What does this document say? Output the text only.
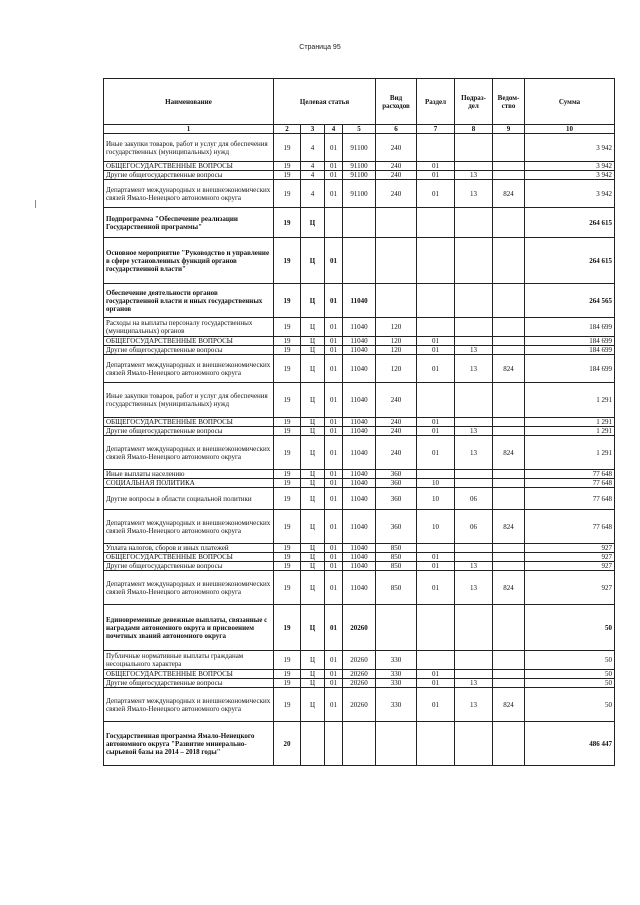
Страница 95
Наименование	Целевая статья				Вид расходов	Раздел	Подраз-дел	Ведом-ство	Сумма
1	2	3	4	5	6	7	8	9	10
Иные закупки товаров, работ и услуг для обеспечения государственных (муниципальных) нужд	19	4	01	91100	240				3 942
ОБЩЕГОСУДАРСТВЕННЫЕ ВОПРОСЫ	19	4	01	91100	240	01			3 942
Другие общегосударственные вопросы	19	4	01	91100	240	01	13		3 942
Департамент международных и внешнеэкономических связей Ямало-Ненецкого автономного округа	19	4	01	91100	240	01	13	824	3 942
Подпрограмма "Обеспечение реализации Государственной программы"	19	Ц							264 615
Основное мероприятие "Руководство и управление в сфере установленных функций органов государственной власти"	19	Ц	01						264 615
Обеспечение деятельности органов государственной власти и иных государственных органов	19	Ц	01	11040					264 565
Расходы на выплаты персоналу государственных (муниципальных) органов	19	Ц	01	11040	120				184 699
ОБЩЕГОСУДАРСТВЕННЫЕ ВОПРОСЫ	19	Ц	01	11040	120	01			184 699
Другие общегосударственные вопросы	19	Ц	01	11040	120	01	13		184 699
Департамент международных и внешнеэкономических связей Ямало-Ненецкого автономного округа	19	Ц	01	11040	120	01	13	824	184 699
Иные закупки товаров, работ и услуг для обеспечения государственных (муниципальных) нужд	19	Ц	01	11040	240				1 291
ОБЩЕГОСУДАРСТВЕННЫЕ ВОПРОСЫ	19	Ц	01	11040	240	01			1 291
Другие общегосударственные вопросы	19	Ц	01	11040	240	01	13		1 291
Департамент международных и внешнеэкономических связей Ямало-Ненецкого автономного округа	19	Ц	01	11040	240	01	13	824	1 291
Иные выплаты населению	19	Ц	01	11040	360				77 648
СОЦИАЛЬНАЯ ПОЛИТИКА	19	Ц	01	11040	360	10			77 648
Другие вопросы в области социальной политики	19	Ц	01	11040	360	10	06		77 648
Департамент международных и внешнеэкономических связей Ямало-Ненецкого автономного округа	19	Ц	01	11040	360	10	06	824	77 648
Уплата налогов, сборов и иных платежей	19	Ц	01	11040	850				927
ОБЩЕГОСУДАРСТВЕННЫЕ ВОПРОСЫ	19	Ц	01	11040	850	01			927
Другие общегосударственные вопросы	19	Ц	01	11040	850	01	13		927
Департамент международных и внешнеэкономических связей Ямало-Ненецкого автономного округа	19	Ц	01	11040	850	01	13	824	927
Единовременные денежные выплаты, связанные с наградами автономного округа и присвоением почетных званий автономного округа	19	Ц	01	20260					50
Публичные нормативные выплаты гражданам несоциального характера	19	Ц	01	20260	330				50
ОБЩЕГОСУДАРСТВЕННЫЕ ВОПРОСЫ	19	Ц	01	20260	330	01			50
Другие общегосударственные вопросы	19	Ц	01	20260	330	01	13		50
Департамент международных и внешнеэкономических связей Ямало-Ненецкого автономного округа	19	Ц	01	20260	330	01	13	824	50
Государственная программа Ямало-Ненецкого автономного округа "Развитие минерально-сырьевой базы на 2014 – 2018 годы"	20								486 447
